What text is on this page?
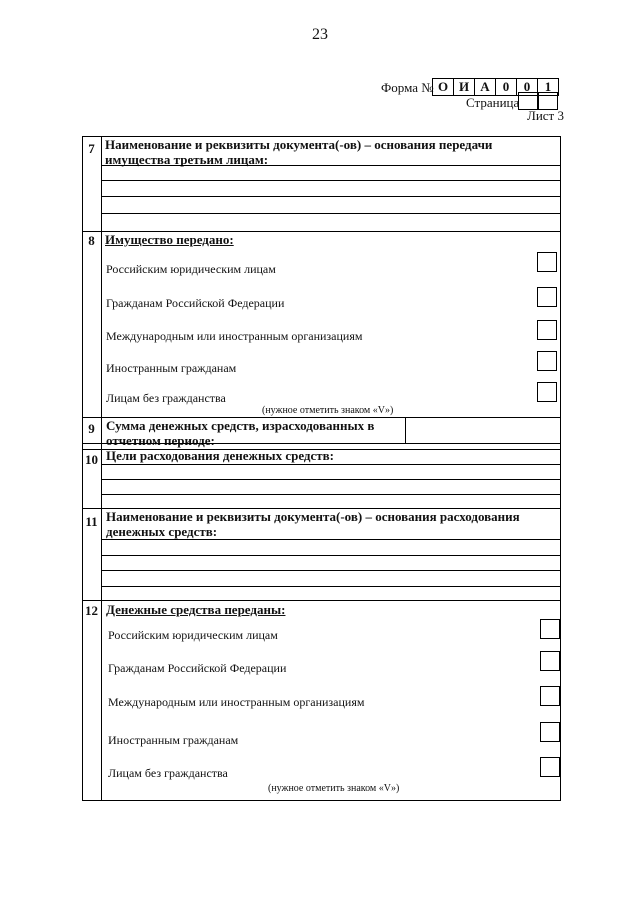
23
Форма № О И А	0	0	1
Страница
Лист 3
7 Наименование и реквизиты документа(-ов) – основания передачи имущества третьим лицам:
8 Имущество передано:
Российским юридическим лицам
Гражданам Российской Федерации
Международным или иностранным организациям
Иностранным гражданам
Лицам без гражданства
(нужное отметить знаком «V»)
9 Сумма денежных средств, израсходованных в отчетном периоде:
10 Цели расходования денежных средств:
11 Наименование и реквизиты документа(-ов) – основания расходования денежных средств:
12 Денежные средства переданы:
Российским юридическим лицам
Гражданам Российской Федерации
Международным или иностранным организациям
Иностранным гражданам
Лицам без гражданства
(нужное отметить знаком «V»)
